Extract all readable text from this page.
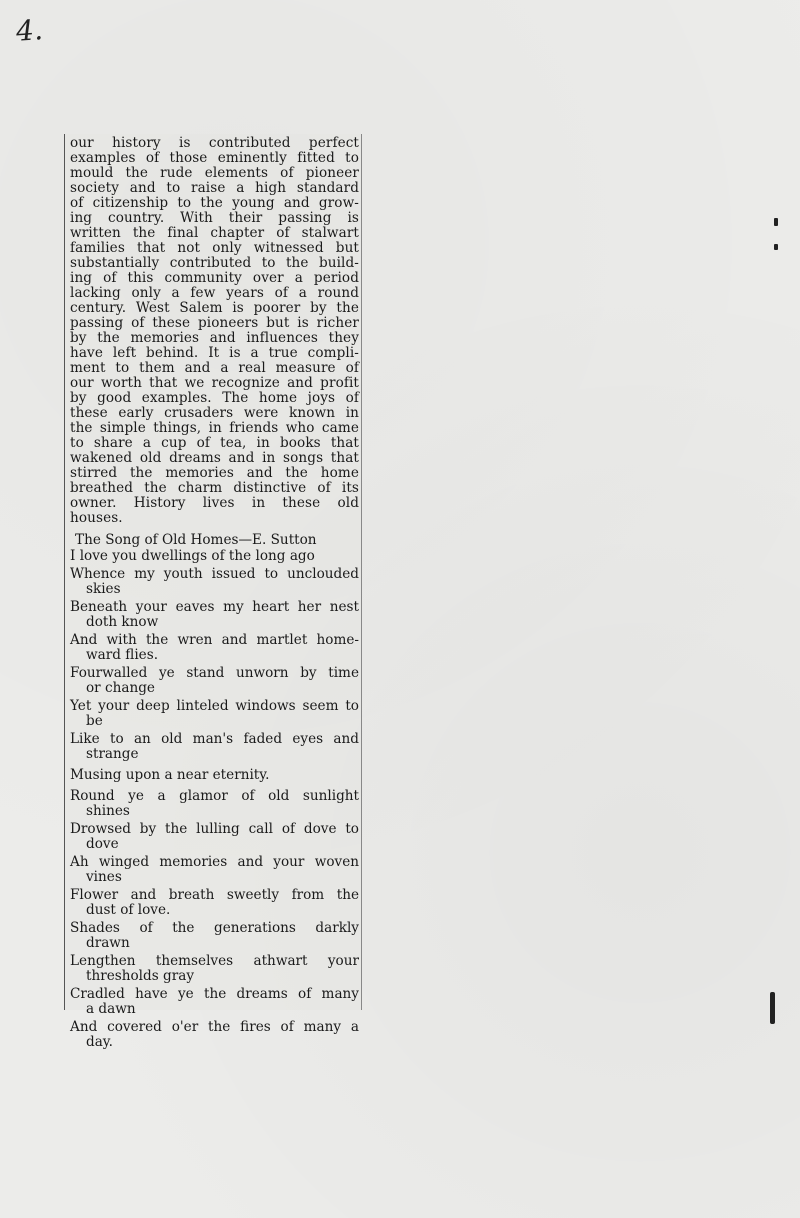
4.

our history is contributed perfect

examples of those eminently fitted to

mould the rude elements of pioneer

society and to raise a high standard

of citizenship to the young and grow-

ing country. With their passing is

written the final chapter of stalwart

families that not only witnessed but

substantially contributed to the build-

ing of this community over a period

lacking only a few years of a round

century. West Salem is poorer by the

passing of these pioneers but is richer

by the memories and influences they

have left behind. It is a true compli-

ment to them and a real measure of

our worth that we recognize and profit

by good examples. The home joys of

these early crusaders were known in

the simple things, in friends who came

to share a cup of tea, in books that

wakened old dreams and in songs that

stirred the memories and the home

breathed the charm distinctive of its

owner. History lives in these old

houses.

The Song of Old Homes—E. Sutton
I love you dwellings of the long ago
Whence my youth issued to unclouded
skies
Beneath your eaves my heart her nest
doth know
And with the wren and martlet home-
ward flies.
Fourwalled ye stand unworn by time
or change
Yet your deep linteled windows seem to
be
Like to an old man's faded eyes and
strange
Musing upon a near eternity.
Round ye a glamor of old sunlight
shines
Drowsed by the lulling call of dove to
dove
Ah winged memories and your woven
vines
Flower and breath sweetly from the
dust of love.
Shades of the generations darkly
drawn
Lengthen themselves athwart your
thresholds gray
Cradled have ye the dreams of many
a dawn
And covered o'er the fires of many a
day.
